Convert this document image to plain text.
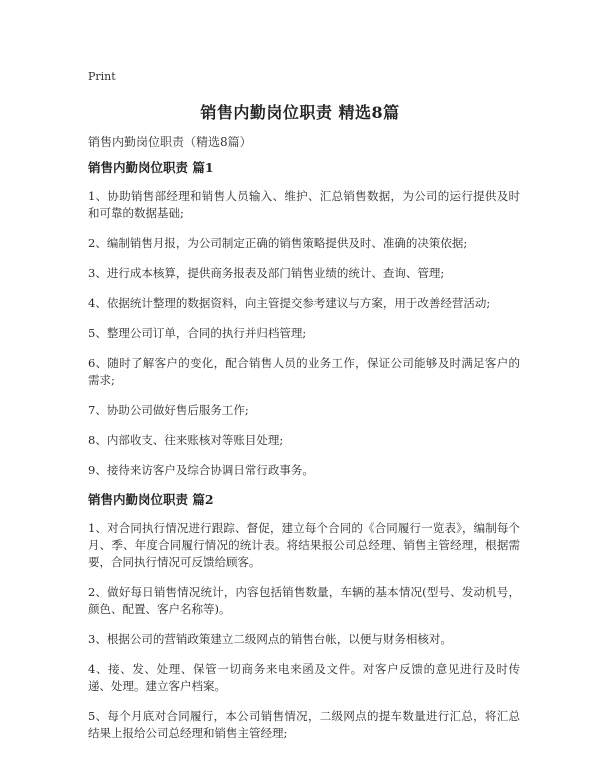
Print
销售内勤岗位职责 精选8篇
销售内勤岗位职责（精选8篇）
销售内勤岗位职责 篇1

1、协助销售部经理和销售人员输入、维护、汇总销售数据，为公司的运行提供及时和可靠的数据基础;

2、编制销售月报，为公司制定正确的销售策略提供及时、准确的决策依据;

3、进行成本核算，提供商务报表及部门销售业绩的统计、查询、管理;

4、依据统计整理的数据资料，向主管提交参考建议与方案，用于改善经营活动;

5、整理公司订单，合同的执行并归档管理;

6、随时了解客户的变化，配合销售人员的业务工作，保证公司能够及时满足客户的需求;

7、协助公司做好售后服务工作;

8、内部收支、往来账核对等账目处理;

9、接待来访客户及综合协调日常行政事务。

销售内勤岗位职责 篇2

1、对合同执行情况进行跟踪、督促，建立每个合同的《合同履行一览表》，编制每个月、季、年度合同履行情况的统计表。将结果报公司总经理、销售主管经理，根据需要，合同执行情况可反馈给顾客。

2、做好每日销售情况统计，内容包括销售数量，车辆的基本情况(型号、发动机号，颜色、配置、客户名称等)。

3、根据公司的营销政策建立二级网点的销售台帐，以便与财务相核对。

4、接、发、处理、保管一切商务来电来函及文件。对客户反馈的意见进行及时传递、处理。建立客户档案。

5、每个月底对合同履行，本公司销售情况，二级网点的提车数量进行汇总，将汇总结果上报给公司总经理和销售主管经理;
